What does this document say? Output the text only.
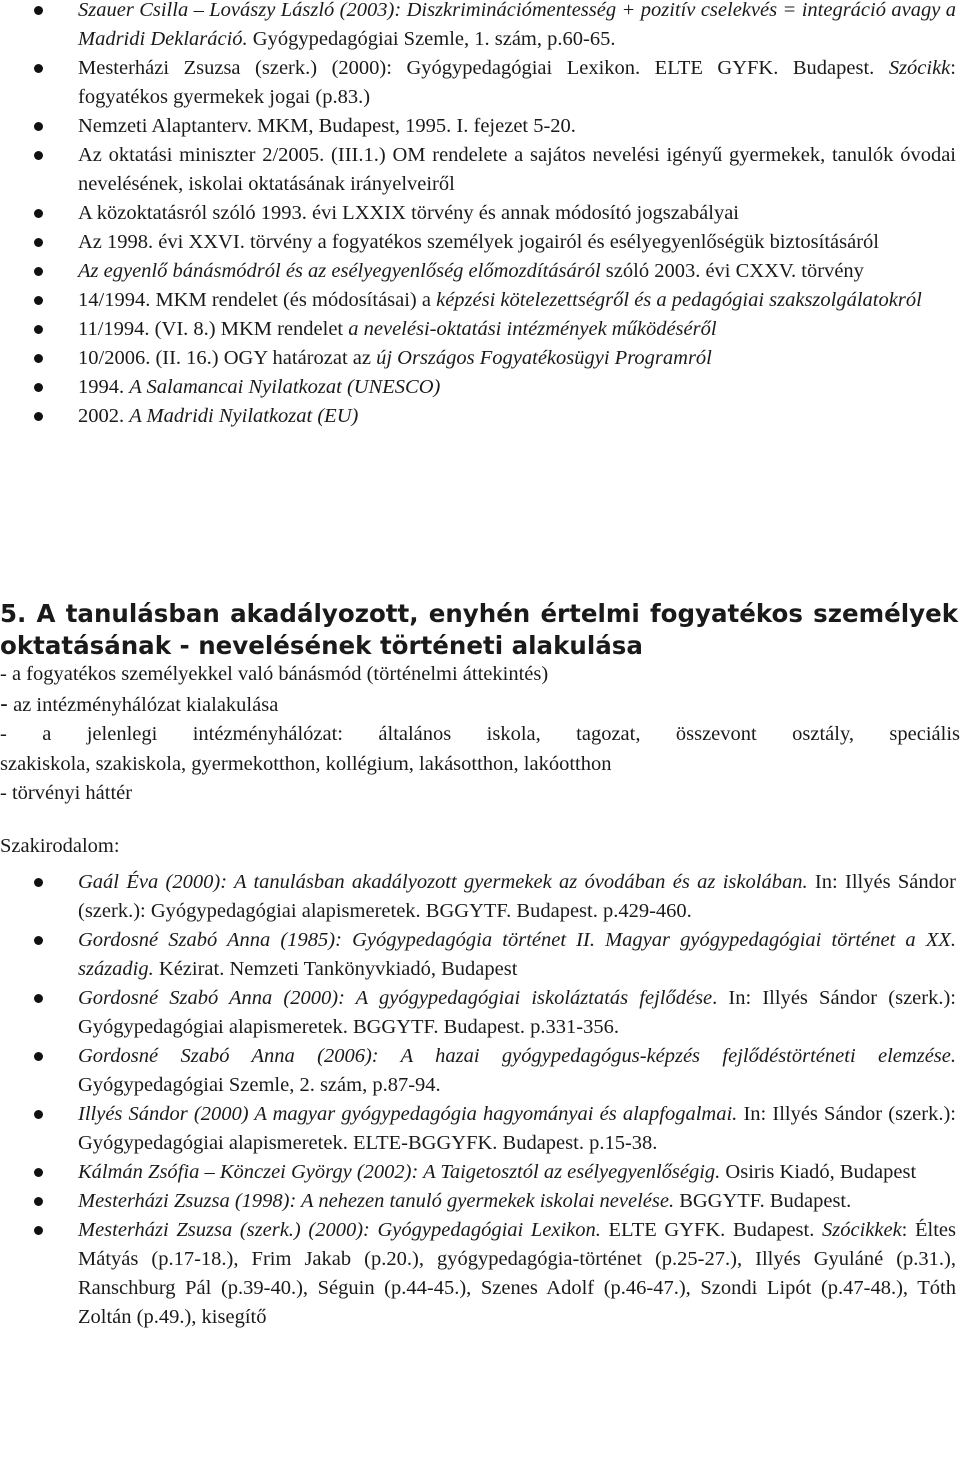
Szauer Csilla – Lovászy László (2003): Diszkriminációmentesség + pozitív cselekvés = integráció avagy a Madridi Deklaráció. Gyógypedagógiai Szemle, 1. szám, p.60-65.
Mesterházi Zsuzsa (szerk.) (2000): Gyógypedagógiai Lexikon. ELTE GYFK. Budapest. Szócikk: fogyatékos gyermekek jogai (p.83.)
Nemzeti Alaptanterv. MKM, Budapest, 1995. I. fejezet 5-20.
Az oktatási miniszter 2/2005. (III.1.) OM rendelete a sajátos nevelési igényű gyermekek, tanulók óvodai nevelésének, iskolai oktatásának irányelveiről
A közoktatásról szóló 1993. évi LXXIX törvény és annak módosító jogszabályai
Az 1998. évi XXVI. törvény a fogyatékos személyek jogairól és esélyegyenlőségük biztosításáról
Az egyenlő bánásmódról és az esélyegyenlőség előmozdításáról szóló 2003. évi CXXV. törvény
14/1994. MKM rendelet (és módosításai) a képzési kötelezettségről és a pedagógiai szakszolgálatokról
11/1994. (VI. 8.) MKM rendelet a nevelési-oktatási intézmények működéséről
10/2006. (II. 16.) OGY határozat az új Országos Fogyatékosügyi Programról
1994. A Salamancai Nyilatkozat (UNESCO)
2002. A Madridi Nyilatkozat (EU)
5. A tanulásban akadályozott, enyhén értelmi fogyatékos személyek
oktatásának - nevelésének történeti alakulása

- a fogyatékos személyekkel való bánásmód (történelmi áttekintés)

- az intézményhálózat kialakulása

- a jelenlegi intézményhálózat: általános iskola, tagozat, összevont osztály, speciális

szakiskola, szakiskola, gyermekotthon, kollégium, lakásotthon, lakóotthon

- törvényi háttér

Szakirodalom:

Gaál Éva (2000): A tanulásban akadályozott gyermekek az óvodában és az iskolában. In: Illyés Sándor (szerk.): Gyógypedagógiai alapismeretek. BGGYTF. Budapest. p.429-460.
Gordosné Szabó Anna (1985): Gyógypedagógia történet II. Magyar gyógypedagógiai történet a XX. századig. Kézirat. Nemzeti Tankönyvkiadó, Budapest
Gordosné Szabó Anna (2000): A gyógypedagógiai iskoláztatás fejlődése. In: Illyés Sándor (szerk.): Gyógypedagógiai alapismeretek. BGGYTF. Budapest. p.331-356.
Gordosné Szabó Anna (2006): A hazai gyógypedagógus-képzés fejlődéstörténeti elemzése. Gyógypedagógiai Szemle, 2. szám, p.87-94.
Illyés Sándor (2000) A magyar gyógypedagógia hagyományai és alapfogalmai. In: Illyés Sándor (szerk.): Gyógypedagógiai alapismeretek. ELTE-BGGYFK. Budapest. p.15-38.
Kálmán Zsófia – Könczei György (2002): A Taigetosztól az esélyegyenlőségig. Osiris Kiadó, Budapest
Mesterházi Zsuzsa (1998): A nehezen tanuló gyermekek iskolai nevelése. BGGYTF. Budapest.
Mesterházi Zsuzsa (szerk.) (2000): Gyógypedagógiai Lexikon. ELTE GYFK. Budapest. Szócikkek: Éltes Mátyás (p.17-18.), Frim Jakab (p.20.), gyógypedagógia-történet (p.25-27.), Illyés Gyuláné (p.31.), Ranschburg Pál (p.39-40.), Séguin (p.44-45.), Szenes Adolf (p.46-47.), Szondi Lipót (p.47-48.), Tóth Zoltán (p.49.), kisegítő
